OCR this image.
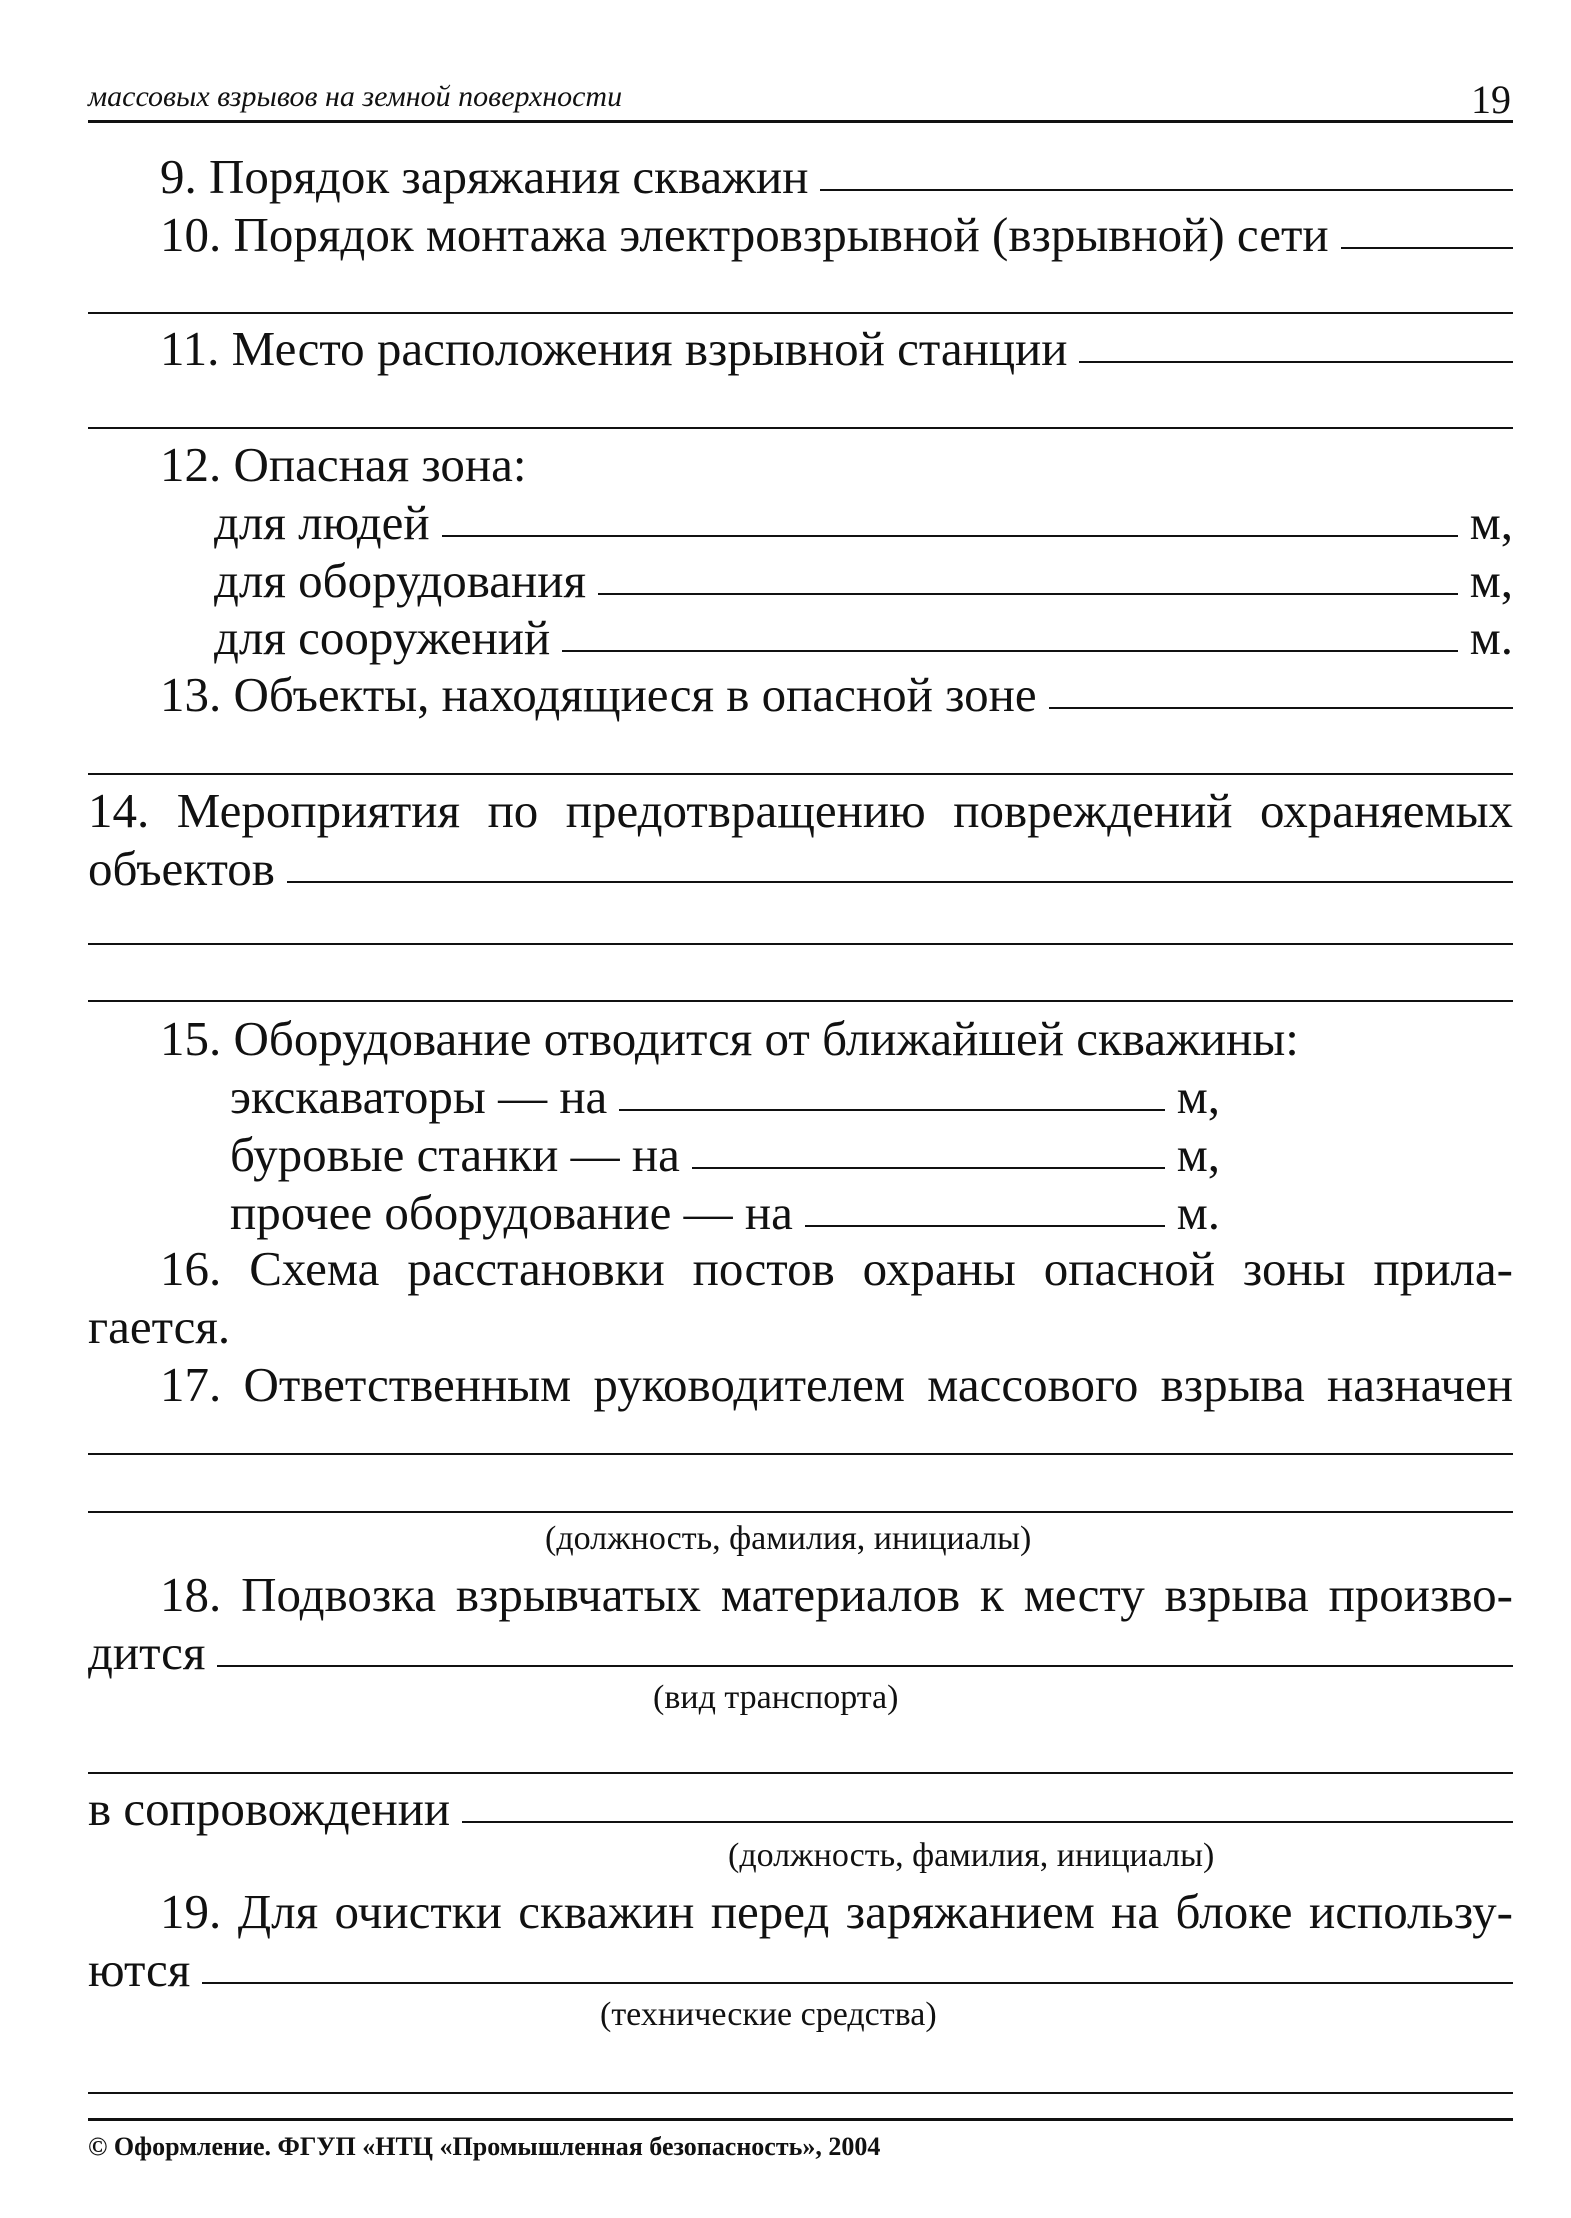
массовых взрывов на земной поверхности	19
9. Порядок заряжания скважин
10. Порядок монтажа электровзрывной (взрывной) сети
11. Место расположения взрывной станции
12. Опасная зона:
для людей	м,
для оборудования	м,
для сооружений	м.
13. Объекты, находящиеся в опасной зоне
14. Мероприятия по предотвращению повреждений охраняемых
объектов
15. Оборудование отводится от ближайшей скважины:
экскаваторы — на	м,
буровые станки — на	м,
прочее оборудование — на	м.
16. Схема расстановки постов охраны опасной зоны прила-
гается.
17. Ответственным руководителем массового взрыва назначен
(должность, фамилия, инициалы)
18. Подвозка взрывчатых материалов к месту взрыва произво-
дится
(вид транспорта)
в сопровождении
(должность, фамилия, инициалы)
19. Для очистки скважин перед заряжанием на блоке использу-
ются
(технические средства)
© Оформление. ФГУП «НТЦ «Промышленная безопасность», 2004
